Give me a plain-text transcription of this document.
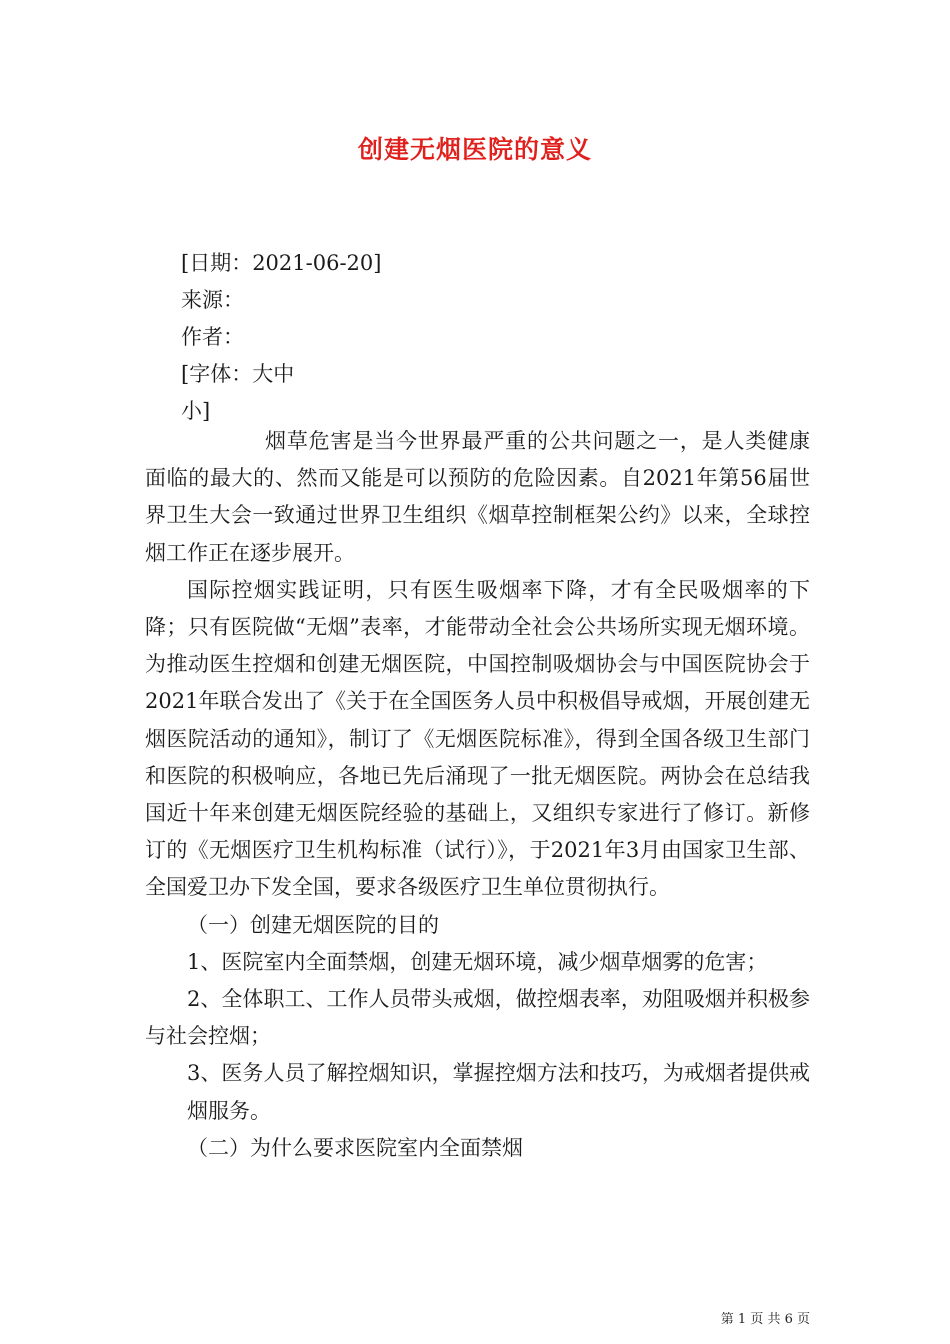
创建无烟医院的意义
[日期：2021-06-20]
来源：
作者：
[字体：大中
小]

烟草危害是当今世界最严重的公共问题之一，是人类健康面临的最大的、然而又能是可以预防的危险因素。自2021年第56届世界卫生大会一致通过世界卫生组织《烟草控制框架公约》以来，全球控烟工作正在逐步展开。

国际控烟实践证明，只有医生吸烟率下降，才有全民吸烟率的下降；只有医院做“无烟”表率，才能带动全社会公共场所实现无烟环境。为推动医生控烟和创建无烟医院，中国控制吸烟协会与中国医院协会于2021年联合发出了《关于在全国医务人员中积极倡导戒烟，开展创建无烟医院活动的通知》，制订了《无烟医院标准》，得到全国各级卫生部门和医院的积极响应，各地已先后涌现了一批无烟医院。两协会在总结我国近十年来创建无烟医院经验的基础上，又组织专家进行了修订。新修订的《无烟医疗卫生机构标准（试行）》，于2021年3月由国家卫生部、全国爱卫办下发全国，要求各级医疗卫生单位贯彻执行。

（一）创建无烟医院的目的

1、医院室内全面禁烟，创建无烟环境，减少烟草烟雾的危害；

2、全体职工、工作人员带头戒烟，做控烟表率，劝阻吸烟并积极参与社会控烟；

3、医务人员了解控烟知识，掌握控烟方法和技巧，为戒烟者提供戒烟服务。

（二）为什么要求医院室内全面禁烟

第 1 页 共 6 页
